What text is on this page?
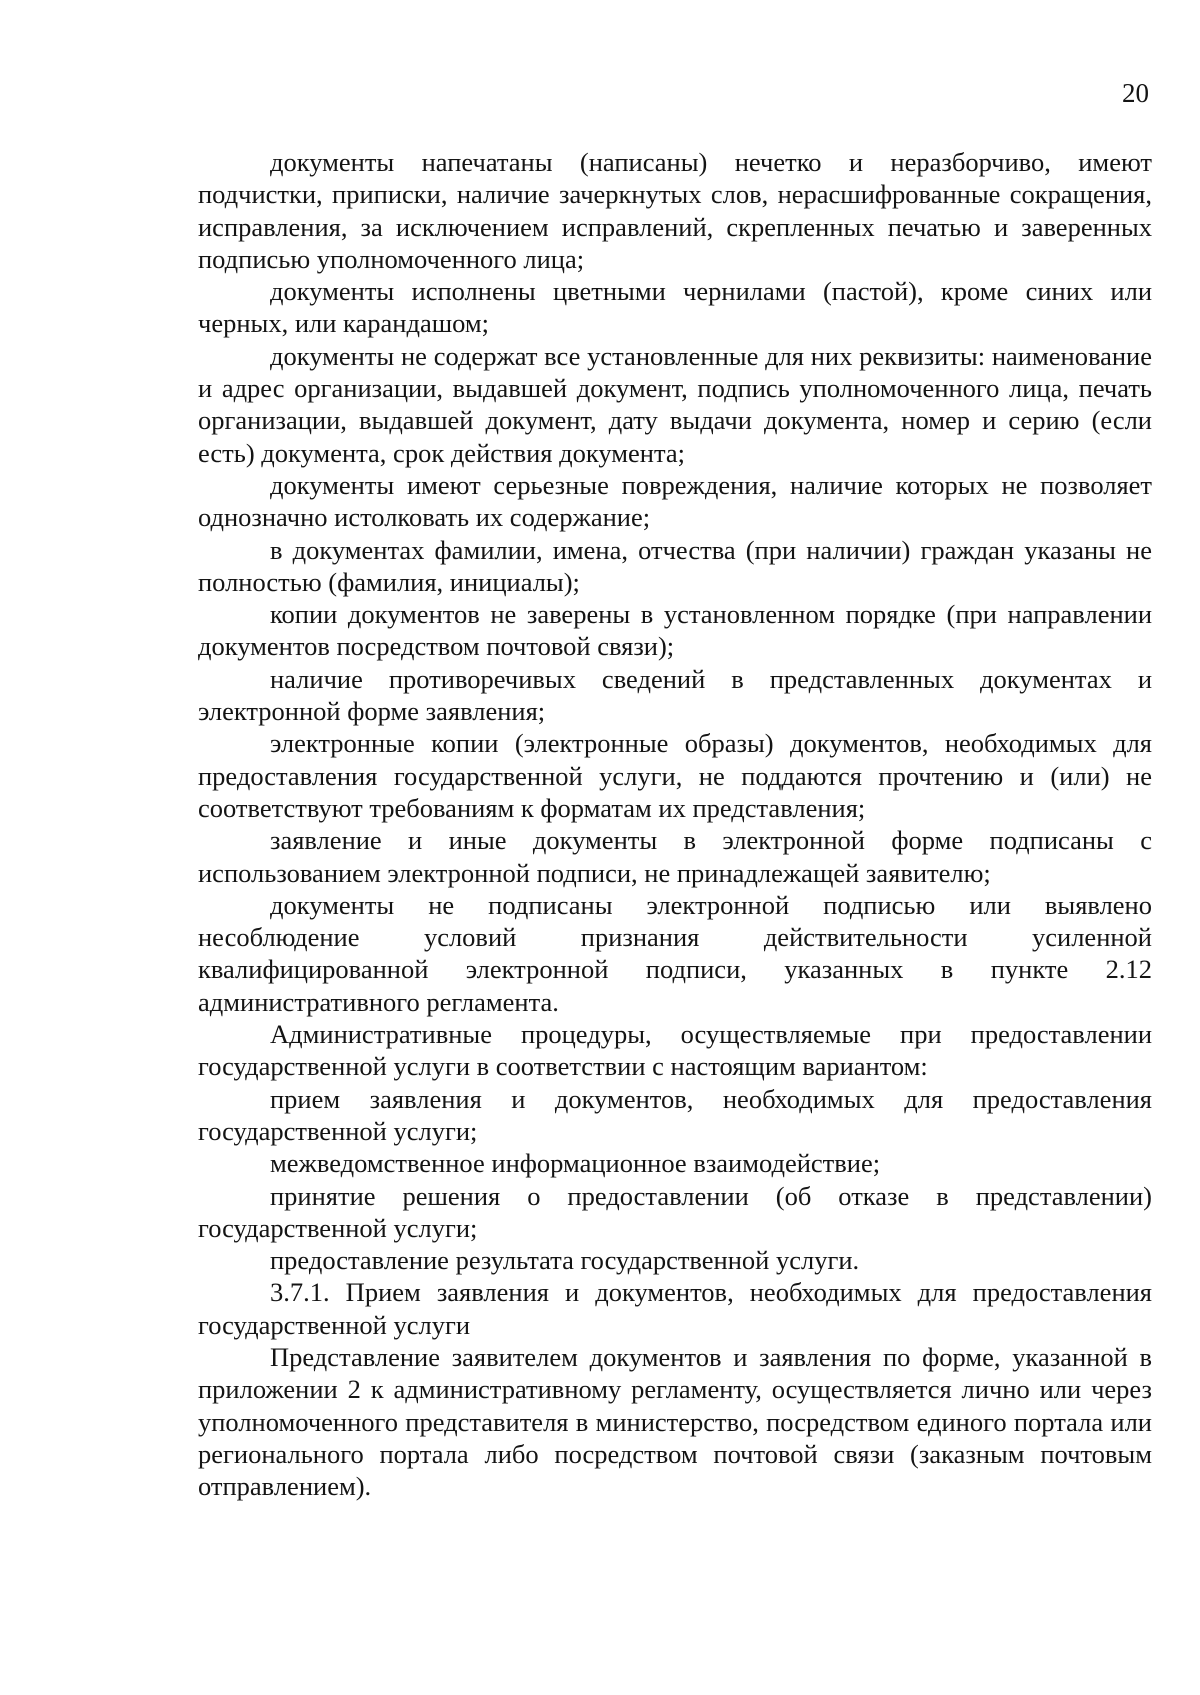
20

документы напечатаны (написаны) нечетко и неразборчиво, имеют подчистки, приписки, наличие зачеркнутых слов, нерасшифрованные сокращения, исправления, за исключением исправлений, скрепленных печатью и заверенных подписью уполномоченного лица;

документы исполнены цветными чернилами (пастой), кроме синих или черных, или карандашом;

документы не содержат все установленные для них реквизиты: наименование и адрес организации, выдавшей документ, подпись уполномоченного лица, печать организации, выдавшей документ, дату выдачи документа, номер и серию (если есть) документа, срок действия документа;

документы имеют серьезные повреждения, наличие которых не позволяет однозначно истолковать их содержание;

в документах фамилии, имена, отчества (при наличии) граждан указаны не полностью (фамилия, инициалы);

копии документов не заверены в установленном порядке (при направлении документов посредством почтовой связи);

наличие противоречивых сведений в представленных документах и электронной форме заявления;

электронные копии (электронные образы) документов, необходимых для предоставления государственной услуги, не поддаются прочтению и (или) не соответствуют требованиям к форматам их представления;

заявление и иные документы в электронной форме подписаны с использованием электронной подписи, не принадлежащей заявителю;

документы не подписаны электронной подписью или выявлено несоблюдение условий признания действительности усиленной квалифицированной электронной подписи, указанных в пункте 2.12 административного регламента.

Административные процедуры, осуществляемые при предоставлении государственной услуги в соответствии с настоящим вариантом:

прием заявления и документов, необходимых для предоставления государственной услуги;

межведомственное информационное взаимодействие;

принятие решения о предоставлении (об отказе в представлении) государственной услуги;

предоставление результата государственной услуги.

3.7.1. Прием заявления и документов, необходимых для предоставления государственной услуги

Представление заявителем документов и заявления по форме, указанной в приложении 2 к административному регламенту, осуществляется лично или через уполномоченного представителя в министерство, посредством единого портала или регионального портала либо посредством почтовой связи (заказным почтовым отправлением).
